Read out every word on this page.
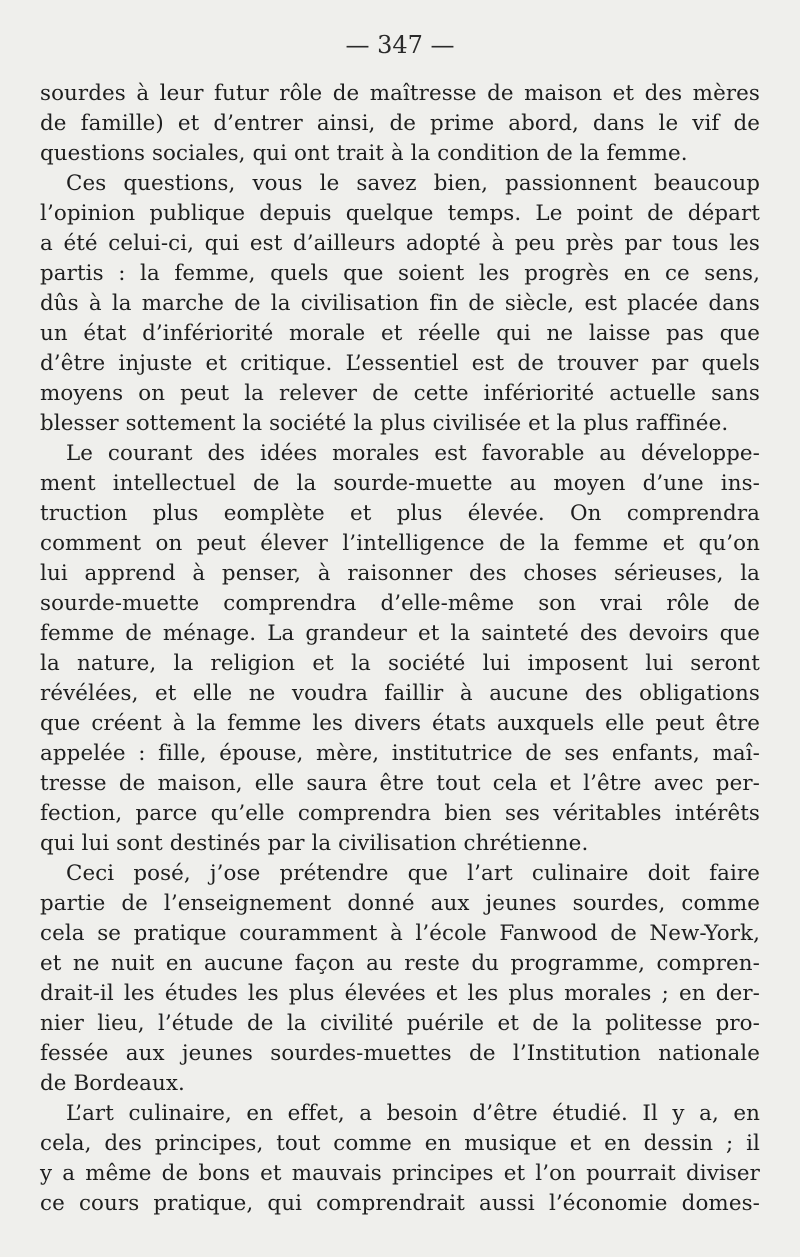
— 347 —
sourdes à leur futur rôle de maîtresse de maison et des mères
de famille) et d’entrer ainsi, de prime abord, dans le vif de
questions sociales, qui ont trait à la condition de la femme.
Ces questions, vous le savez bien, passionnent beaucoup
l’opinion publique depuis quelque temps. Le point de départ
a été celui-ci, qui est d’ailleurs adopté à peu près par tous les
partis : la femme, quels que soient les progrès en ce sens,
dûs à la marche de la civilisation fin de siècle, est placée dans
un état d’infériorité morale et réelle qui ne laisse pas que
d’être injuste et critique. L’essentiel est de trouver par quels
moyens on peut la relever de cette infériorité actuelle sans
blesser sottement la société la plus civilisée et la plus raffinée.
Le courant des idées morales est favorable au développe-
ment intellectuel de la sourde-muette au moyen d’une ins-
truction plus eomplète et plus élevée. On comprendra
comment on peut élever l’intelligence de la femme et qu’on
lui apprend à penser, à raisonner des choses sérieuses, la
sourde-muette comprendra d’elle-même son vrai rôle de
femme de ménage. La grandeur et la sainteté des devoirs que
la nature, la religion et la société lui imposent lui seront
révélées, et elle ne voudra faillir à aucune des obligations
que créent à la femme les divers états auxquels elle peut être
appelée : fille, épouse, mère, institutrice de ses enfants, maî-
tresse de maison, elle saura être tout cela et l’être avec per-
fection, parce qu’elle comprendra bien ses véritables intérêts
qui lui sont destinés par la civilisation chrétienne.
Ceci posé, j’ose prétendre que l’art culinaire doit faire
partie de l’enseignement donné aux jeunes sourdes, comme
cela se pratique couramment à l’école Fanwood de New-York,
et ne nuit en aucune façon au reste du programme, compren-
drait-il les études les plus élevées et les plus morales ; en der-
nier lieu, l’étude de la civilité puérile et de la politesse pro-
fessée aux jeunes sourdes-muettes de l’Institution nationale
de Bordeaux.
L’art culinaire, en effet, a besoin d’être étudié. Il y a, en
cela, des principes, tout comme en musique et en dessin ; il
y a même de bons et mauvais principes et l’on pourrait diviser
ce cours pratique, qui comprendrait aussi l’économie domes-
